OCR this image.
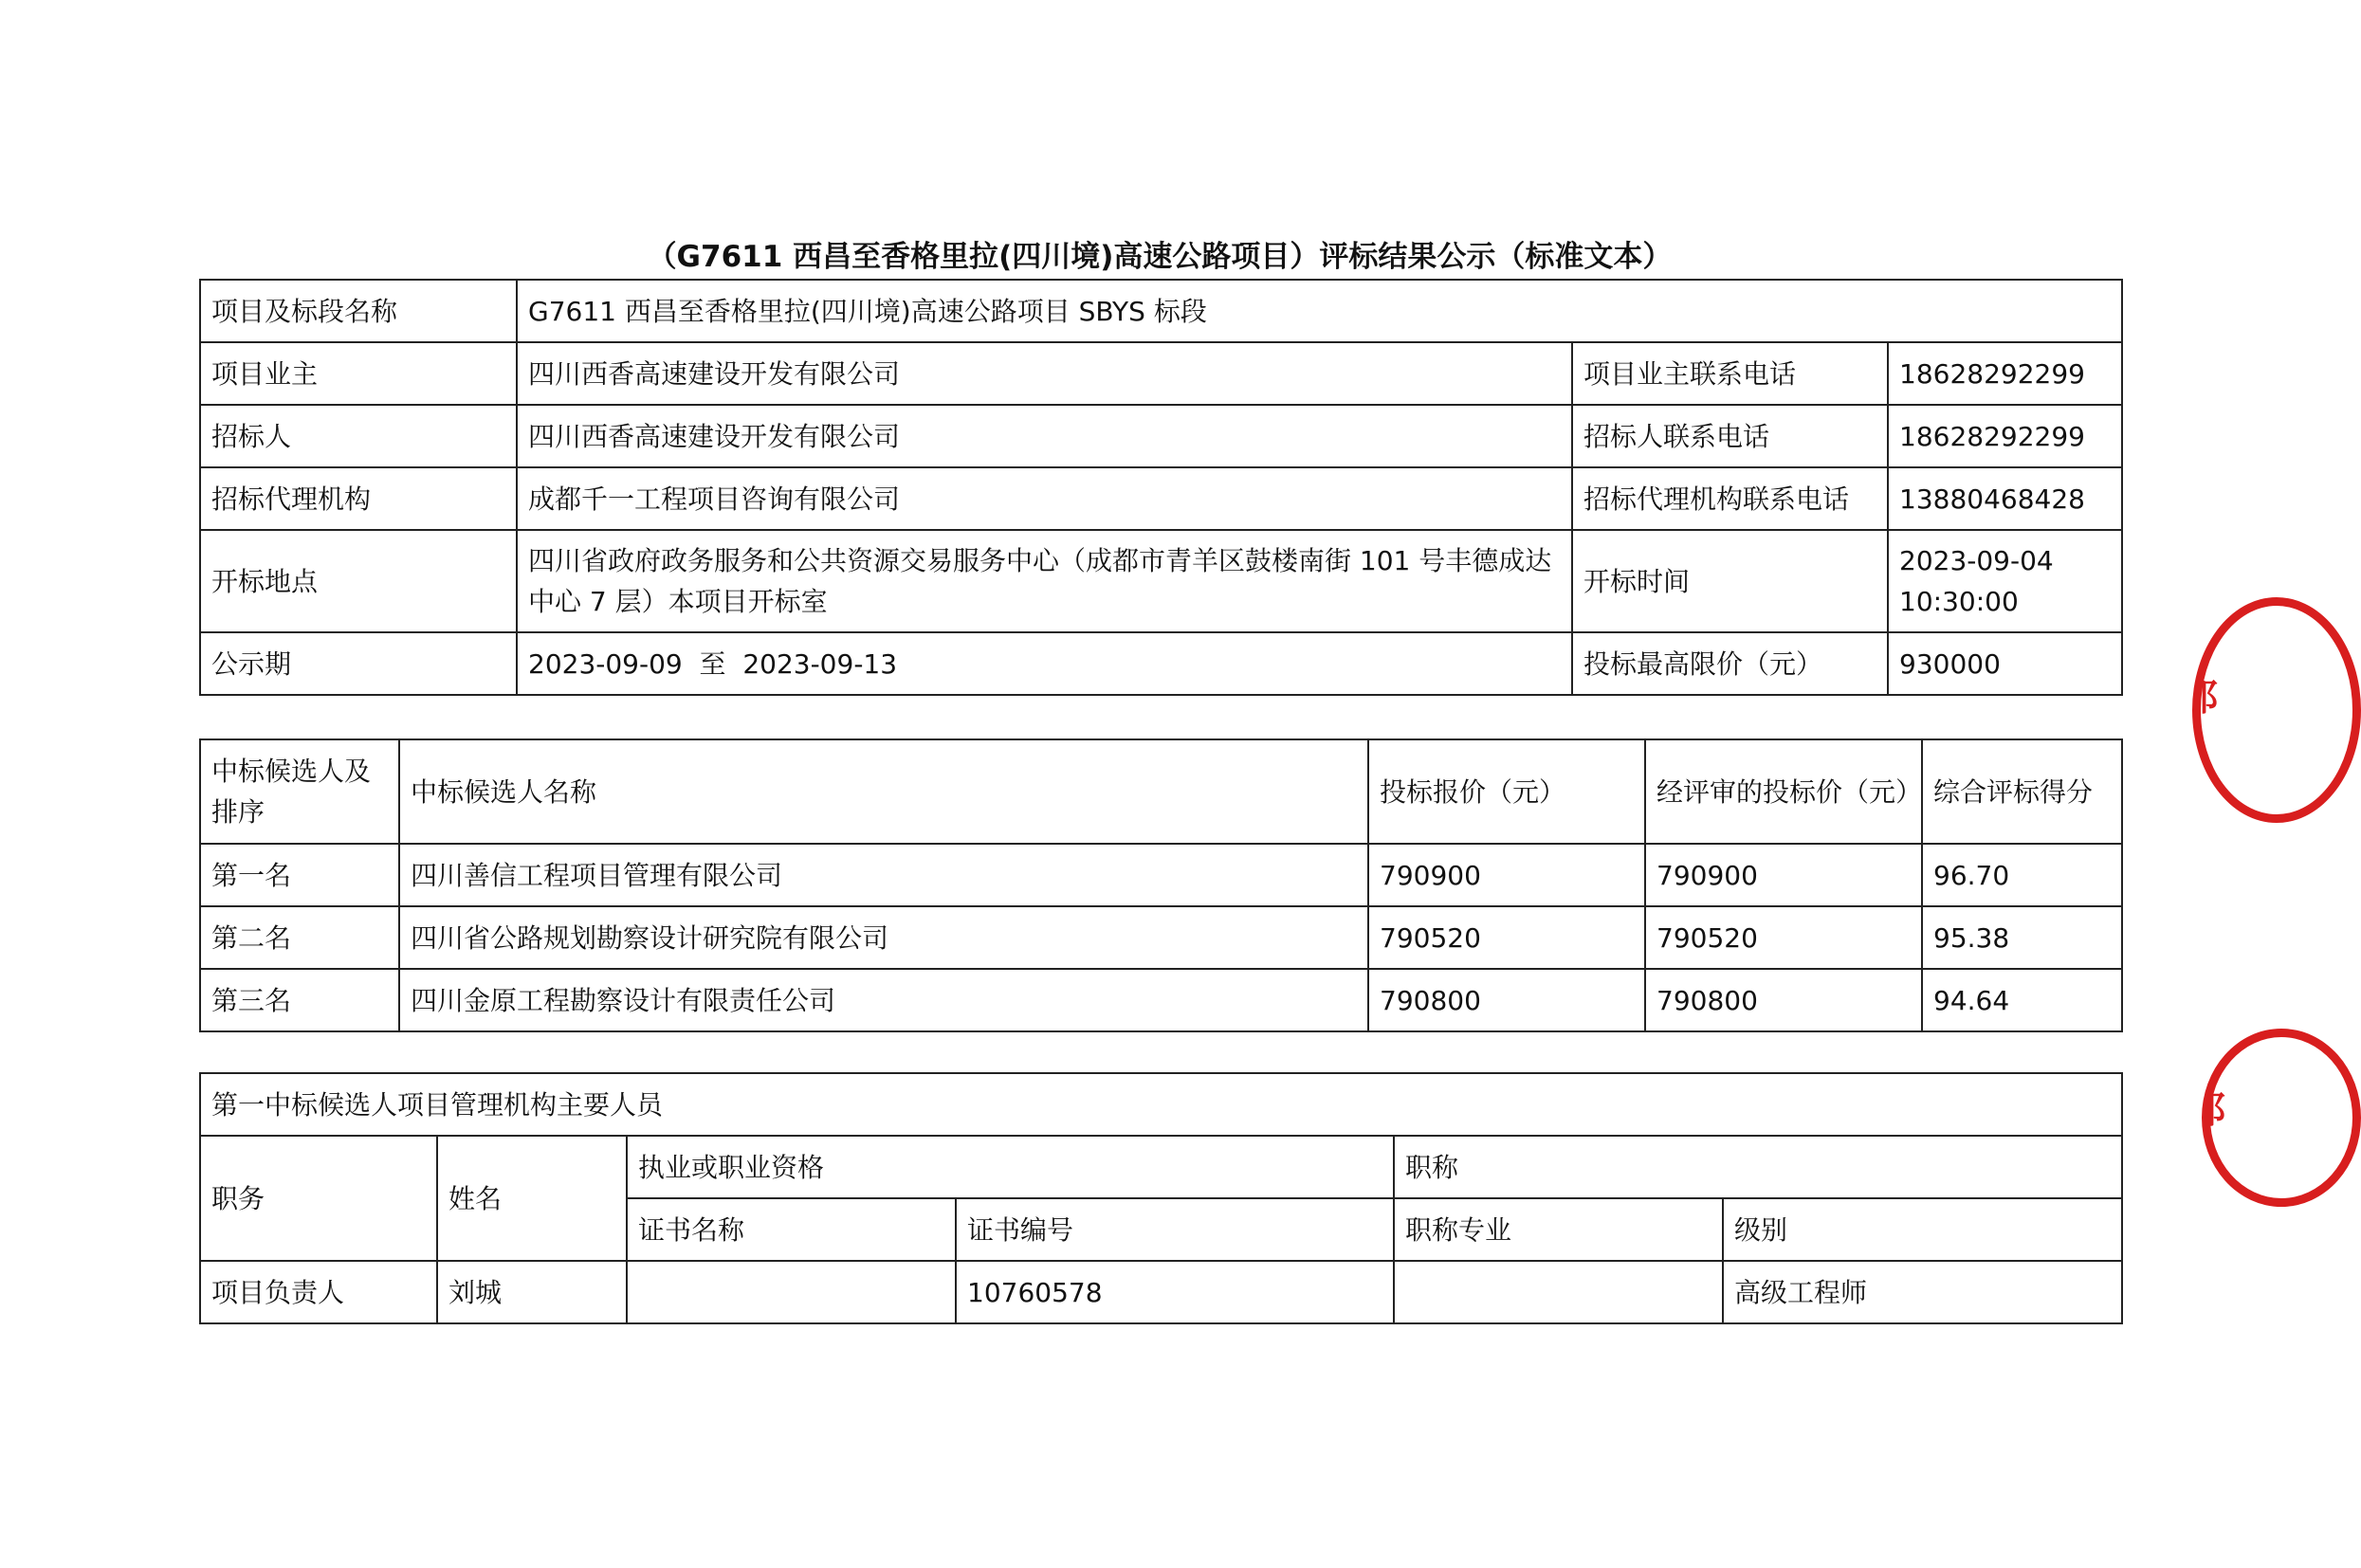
（G7611 西昌至香格里拉(四川境)高速公路项目）评标结果公示（标准文本）
项目及标段名称	G7611 西昌至香格里拉(四川境)高速公路项目 SBYS 标段		
项目业主	四川西香高速建设开发有限公司	项目业主联系电话	18628292299
招标人	四川西香高速建设开发有限公司	招标人联系电话	18628292299
招标代理机构	成都千一工程项目咨询有限公司	招标代理机构联系电话	13880468428
开标地点	四川省政府政务服务和公共资源交易服务中心（成都市青羊区鼓楼南街 101 号丰德成达中心 7 层）本项目开标室	开标时间	2023-09-04
10:30:00

公示期	2023-09-09  至  2023-09-13	投标最高限价（元）	930000
中标候选人及排序	中标候选人名称	投标报价（元）	经评审的投标价（元）	综合评标得分
第一名	四川善信工程项目管理有限公司	790900	790900	96.70
第二名	四川省公路规划勘察设计研究院有限公司	790520	790520	95.38
第三名	四川金原工程勘察设计有限责任公司	790800	790800	94.64
第一中标候选人项目管理机构主要人员					
职务	姓名	执业或职业资格		职称	
		证书名称	证书编号	职称专业	级别
项目负责人	刘城		10760578		高级工程师
阝
阝
